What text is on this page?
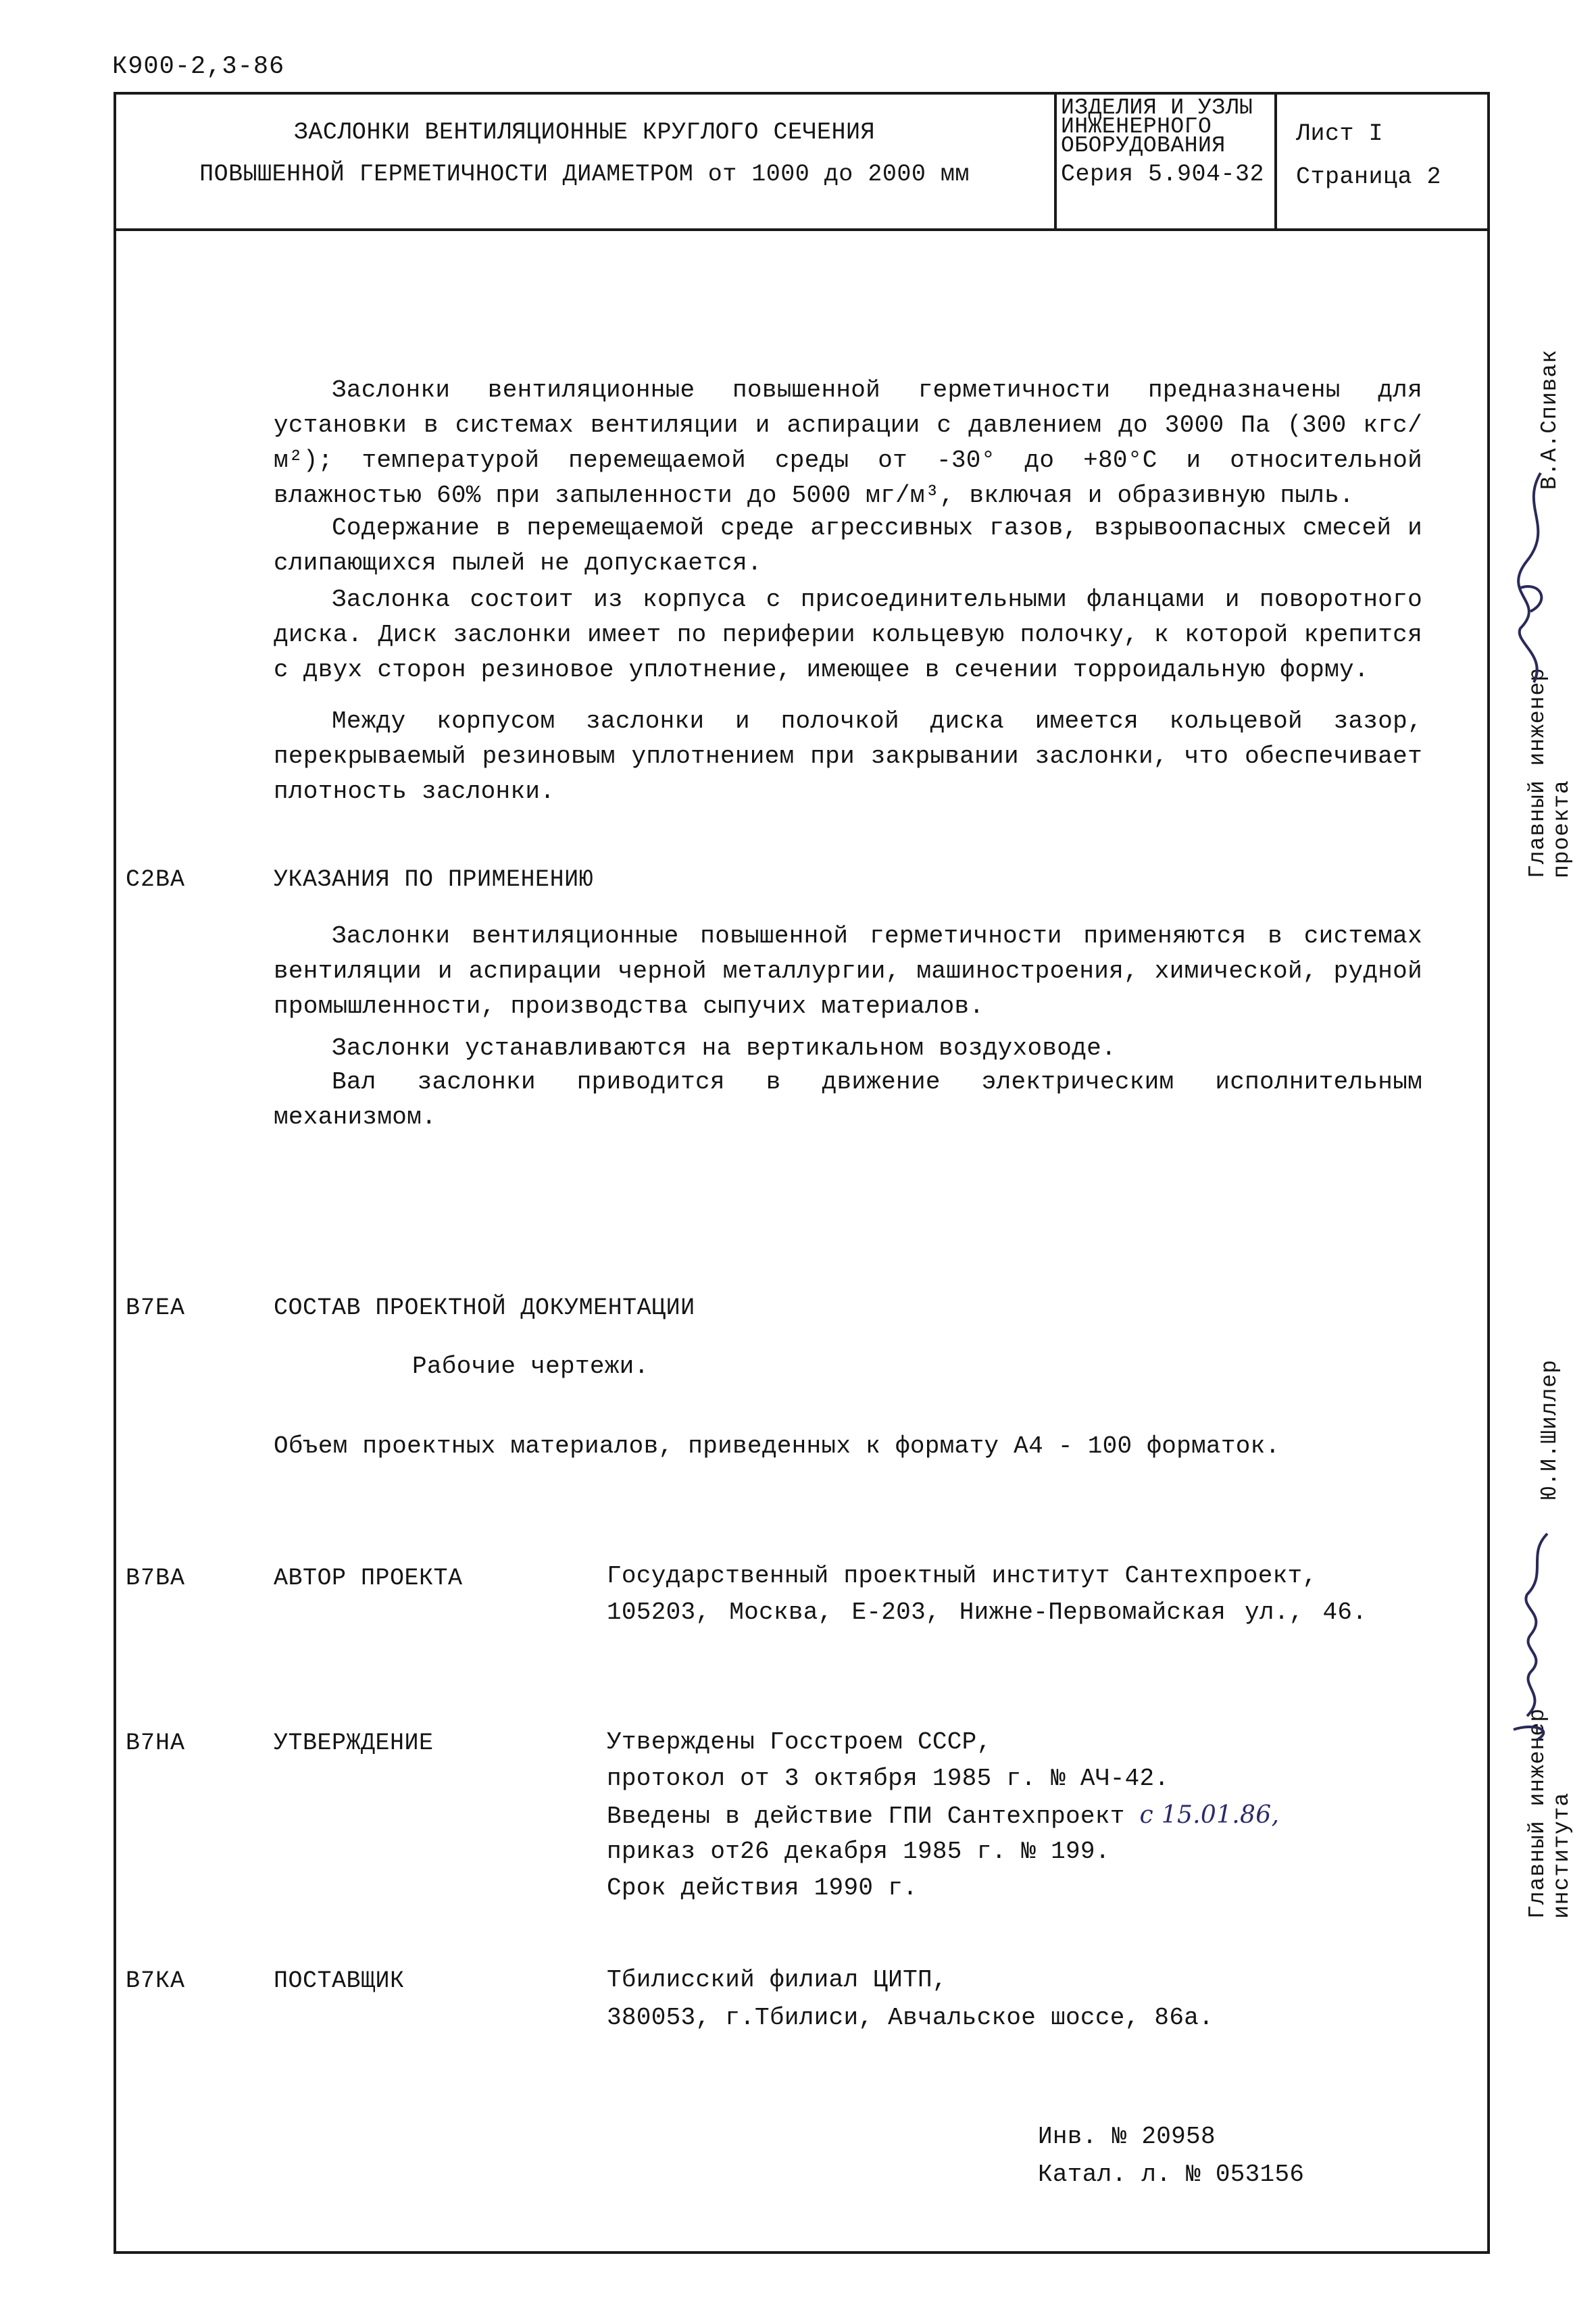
К900-2,3-86
ЗАСЛОНКИ ВЕНТИЛЯЦИОННЫЕ КРУГЛОГО СЕЧЕНИЯ
ПОВЫШЕННОЙ ГЕРМЕТИЧНОСТИ ДИАМЕТРОМ от 1000 до 2000 мм
ИЗДЕЛИЯ И УЗЛЫ
ИНЖЕНЕРНОГО
ОБОРУДОВАНИЯ
Серия 5.904-32
Лист I
Страница 2
Заслонки вентиляционные повышенной герметичности предназначены для установки в системах вентиляции и аспирации с давлением до 3000 Па (300 кгс/м²); температурой перемещаемой среды от -30° до +80°С и относительной влажностью 60% при запыленности до 5000 мг/м³, включая и образивную пыль.
Содержание в перемещаемой среде агрессивных газов, взрывоопасных смесей и слипающихся пылей не допускается.
Заслонка состоит из корпуса с присоединительными фланцами и поворотного диска. Диск заслонки имеет по периферии кольцевую полочку, к которой крепится с двух сторон резиновое уплотнение, имеющее в сечении торроидальную форму.
Между корпусом заслонки и полочкой диска имеется кольцевой зазор, перекрываемый резиновым уплотнением при закрывании заслонки, что обеспечивает плотность заслонки.
С2ВА	УКАЗАНИЯ ПО ПРИМЕНЕНИЮ
Заслонки вентиляционные повышенной герметичности применяются в системах вентиляции и аспирации черной металлургии, машиностроения, химической, рудной промышленности, производства сыпучих материалов.
Заслонки устанавливаются на вертикальном воздуховоде.
Вал заслонки приводится в движение электрическим исполнительным механизмом.
В7ЕА	СОСТАВ ПРОЕКТНОЙ ДОКУМЕНТАЦИИ
Рабочие чертежи.
Объем проектных материалов, приведенных к формату А4 - 100 форматок.
В7ВА	АВТОР ПРОЕКТА	Государственный проектный институт Сантехпроект,
105203, Москва, Е-203, Нижне-Первомайская ул., 46.
В7НА	УТВЕРЖДЕНИЕ	Утверждены Госстроем СССР,
протокол от 3 октября 1985 г. № АЧ-42.
Введены в действие ГПИ Сантехпроект с 15.01.86,
приказ от26 декабря 1985 г. № 199.
Срок действия 1990 г.
В7КА	ПОСТАВЩИК	Тбилисский филиал ЦИТП,
380053, г.Тбилиси, Авчальское шоссе, 86а.
Инв. № 20958
Катал. л. № 053156
Главный инженер проекта
В.А.Спивак
Главный инженер института
Ю.И.Шиллер
